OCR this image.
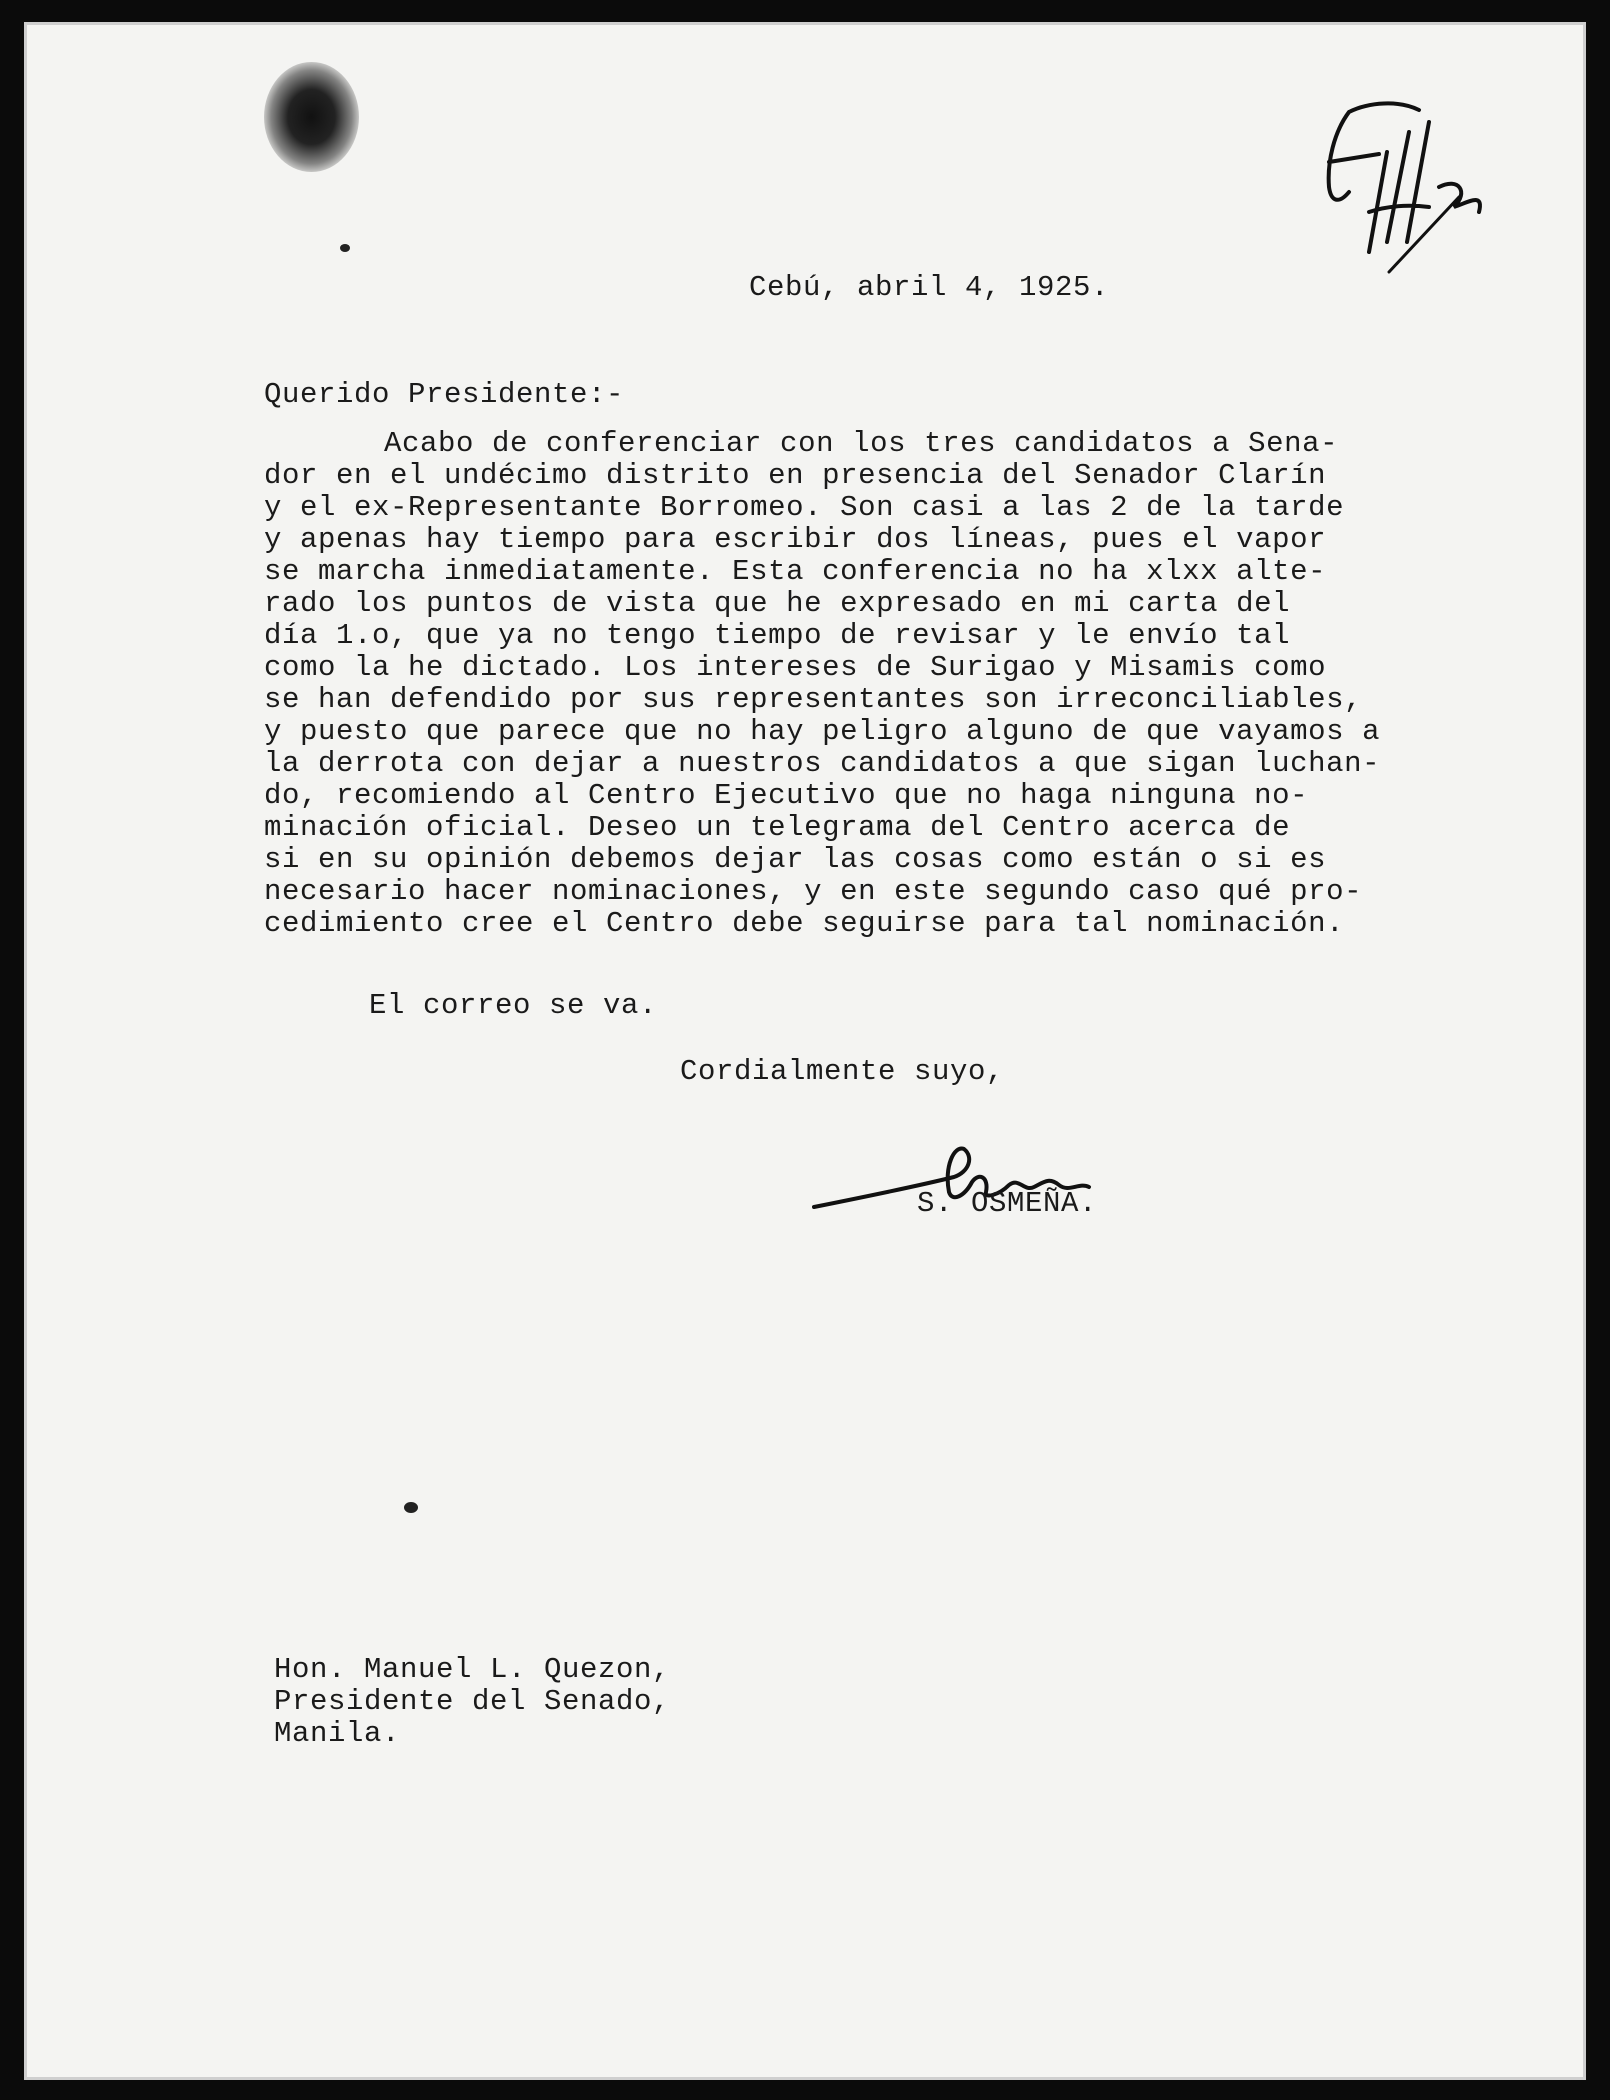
Cebú, abril 4, 1925.
Querido Presidente:-
Acabo de conferenciar con los tres candidatos a Sena-
dor en el undécimo distrito en presencia del Senador Clarín
y el ex-Representante Borromeo. Son casi a las 2 de la tarde
y apenas hay tiempo para escribir dos líneas, pues el vapor
se marcha inmediatamente. Esta conferencia no ha xlxx alte-
rado los puntos de vista que he expresado en mi carta del
día 1.o, que ya no tengo tiempo de revisar y le envío tal
como la he dictado. Los intereses de Surigao y Misamis como
se han defendido por sus representantes son irreconciliables,
y puesto que parece que no hay peligro alguno de que vayamos a
la derrota con dejar a nuestros candidatos a que sigan luchan-
do, recomiendo al Centro Ejecutivo que no haga ninguna no-
minación oficial. Deseo un telegrama del Centro acerca de
si en su opinión debemos dejar las cosas como están o si es
necesario hacer nominaciones, y en este segundo caso qué pro-
cedimiento cree el Centro debe seguirse para tal nominación.
El correo se va.
Cordialmente suyo,
S. OSMEÑA.
Hon. Manuel L. Quezon,
Presidente del Senado,
Manila.
